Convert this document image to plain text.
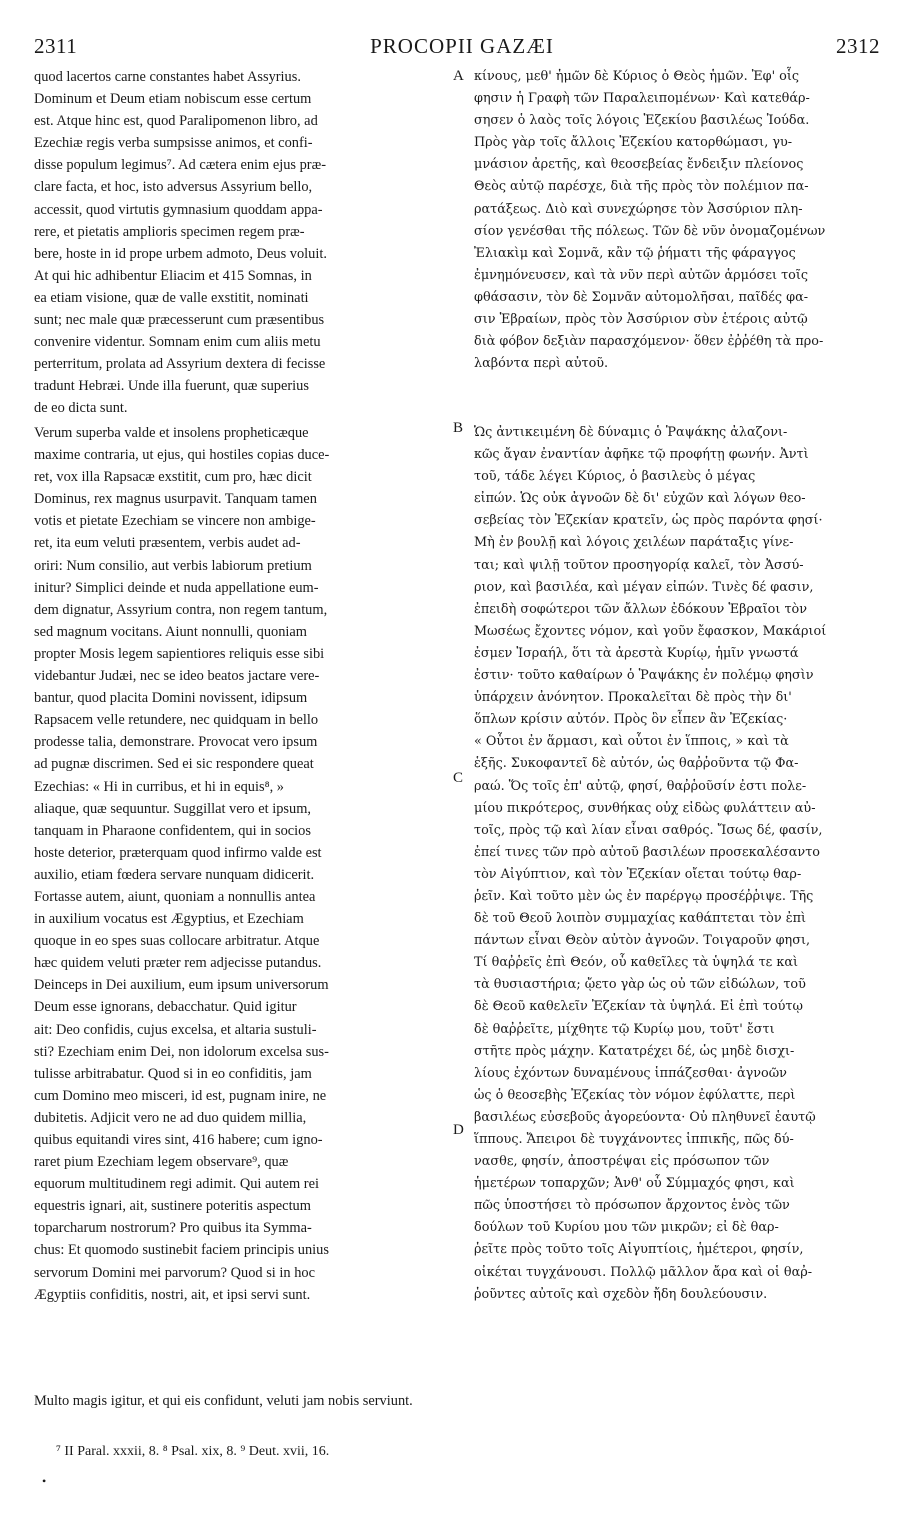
2311	PROCOPII GAZÆI	2312
quod lacertos carne constantes habet Assyrius.
Dominum et Deum etiam nobiscum esse certum
est. Atque hinc est, quod Paralipomenon libro, ad
Ezechiæ regis verba sumpsisse animos, et confi-
disse populum legimus⁷. Ad cætera enim ejus præ-
clare facta, et hoc, isto adversus Assyrium bello,
accessit, quod virtutis gymnasium quoddam appa-
rere, et pietatis amplioris specimen regem præ-
bere, hoste in id prope urbem admoto, Deus voluit.
At qui hic adhibentur Eliacim et 415 Somnas, in
ea etiam visione, quæ de valle exstitit, nominati
sunt; nec male quæ præcesserunt cum præsentibus
convenire videntur. Somnam enim cum aliis metu
perterritum, prolata ad Assyrium dextera di fecisse
tradunt Hebræi. Unde illa fuerunt, quæ superius
de eo dicta sunt.
Verum superba valde et insolens propheticæque
maxime contraria, ut ejus, qui hostiles copias duce-
ret, vox illa Rapsacæ exstitit, cum pro, hæc dicit
Dominus, rex magnus usurpavit. Tanquam tamen
votis et pietate Ezechiam se vincere non ambige-
ret, ita eum veluti præsentem, verbis audet ad-
oriri: Num consilio, aut verbis labiorum pretium
initur? Simplici deinde et nuda appellatione eum-
dem dignatur, Assyrium contra, non regem tantum,
sed magnum vocitans. Aiunt nonnulli, quoniam
propter Mosis legem sapientiores reliquis esse sibi
videbantur Judæi, nec se ideo beatos jactare vere-
bantur, quod placita Domini novissent, idipsum
Rapsacem velle retundere, nec quidquam in bello
prodesse talia, demonstrare. Provocat vero ipsum
ad pugnæ discrimen. Sed ei sic respondere queat
Ezechias: « Hi in curribus, et hi in equis⁸, »
aliaque, quæ sequuntur. Suggillat vero et ipsum,
tanquam in Pharaone confidentem, qui in socios
hoste deterior, præterquam quod infirmo valde est
auxilio, etiam fœdera servare nunquam didicerit.
Fortasse autem, aiunt, quoniam a nonnullis antea
in auxilium vocatus est Ægyptius, et Ezechiam
quoque in eo spes suas collocare arbitratur. Atque
hæc quidem veluti præter rem adjecisse putandus.
Deinceps in Dei auxilium, eum ipsum universorum
Deum esse ignorans, debacchatur. Quid igitur
ait: Deo confidis, cujus excelsa, et altaria sustuli-
sti? Ezechiam enim Dei, non idolorum excelsa sus-
tulisse arbitrabatur. Quod si in eo confiditis, jam
cum Domino meo misceri, id est, pugnam inire, ne
dubitetis. Adjicit vero ne ad duo quidem millia,
quibus equitandi vires sint, 416 habere; cum igno-
raret pium Ezechiam legem observare⁹, quæ
equorum multitudinem regi adimit. Qui autem rei
equestris ignari, ait, sustinere poteritis aspectum
toparcharum nostrorum? Pro quibus ita Symma-
chus: Et quomodo sustinebit faciem principis unius
servorum Domini mei parvorum? Quod si in hoc
Ægyptiis confiditis, nostri, ait, et ipsi servi sunt.
κίνους, μεθ' ἡμῶν δὲ Κύριος ὁ Θεὸς ἡμῶν. Ἐφ' οἷς
φησιν ἡ Γραφὴ τῶν Παραλειπομένων· Καὶ κατεθάρ-
σησεν ὁ λαὸς τοῖς λόγοις Ἐζεκίου βασιλέως Ἰούδα.
Πρὸς γὰρ τοῖς ἄλλοις Ἐζεκίου κατορθώμασι, γυ-
μνάσιον ἀρετῆς, καὶ θεοσεβείας ἔνδειξιν πλείονος
Θεὸς αὐτῷ παρέσχε, διὰ τῆς πρὸς τὸν πολέμιον πα-
ρατάξεως. Διὸ καὶ συνεχώρησε τὸν Ἀσσύριον πλη-
σίον γενέσθαι τῆς πόλεως. Τῶν δὲ νῦν ὀνομαζομένων
Ἐλιακὶμ καὶ Σομνᾶ, κἂν τῷ ῥήματι τῆς φάραγγος
ἐμνημόνευσεν, καὶ τὰ νῦν περὶ αὐτῶν ἁρμόσει τοῖς
φθάσασιν, τὸν δὲ Σομνᾶν αὐτομολῆσαι, παῖδές φα-
σιν Ἑβραίων, πρὸς τὸν Ἀσσύριον σὺν ἑτέροις αὐτῷ
διὰ φόβον δεξιὰν παρασχόμενον· ὅθεν ἐῤῥέθη τὰ προ-
λαβόντα περὶ αὐτοῦ.
Ὡς ἀντικειμένη δὲ δύναμις ὁ Ῥαψάκης ἀλαζονι-
κῶς ἄγαν ἐναντίαν ἀφῆκε τῷ προφήτῃ φωνήν. Ἀντὶ
τοῦ, τάδε λέγει Κύριος, ὁ βασιλεὺς ὁ μέγας
εἰπών. Ὡς οὐκ ἀγνοῶν δὲ δι' εὐχῶν καὶ λόγων θεο-
σεβείας τὸν Ἐζεκίαν κρατεῖν, ὡς πρὸς παρόντα φησί·
Μὴ ἐν βουλῇ καὶ λόγοις χειλέων παράταξις γίνε-
ται; καὶ ψιλῇ τοῦτον προσηγορίᾳ καλεῖ, τὸν Ἀσσύ-
ριον, καὶ βασιλέα, καὶ μέγαν εἰπών. Τινὲς δέ φασιν,
ἐπειδὴ σοφώτεροι τῶν ἄλλων ἐδόκουν Ἑβραῖοι τὸν
Μωσέως ἔχοντες νόμον, καὶ γοῦν ἔφασκον, Μακάριοί
ἐσμεν Ἰσραήλ, ὅτι τὰ ἀρεστὰ Κυρίῳ, ἡμῖν γνωστά
ἐστιν· τοῦτο καθαίρων ὁ Ῥαψάκης ἐν πολέμῳ φησὶν
ὑπάρχειν ἀνόνητον. Προκαλεῖται δὲ πρὸς τὴν δι'
ὅπλων κρίσιν αὐτόν. Πρὸς ὃν εἶπεν ἂν Ἐζεκίας·
« Οὗτοι ἐν ἅρμασι, καὶ οὗτοι ἐν ἵπποις, » καὶ τὰ
ἑξῆς. Συκοφαντεῖ δὲ αὐτόν, ὡς θαῤῥοῦντα τῷ Φα-
ραώ. Ὅς τοῖς ἐπ' αὐτῷ, φησί, θαῤῥοῦσίν ἐστι πολε-
μίου πικρότερος, συνθήκας οὐχ εἰδὼς φυλάττειν αὐ-
τοῖς, πρὸς τῷ καὶ λίαν εἶναι σαθρός. Ἴσως δέ, φασίν,
ἐπεί τινες τῶν πρὸ αὐτοῦ βασιλέων προσεκαλέσαντο
τὸν Αἰγύπτιον, καὶ τὸν Ἐζεκίαν οἴεται τούτῳ θαρ-
ῥεῖν. Καὶ τοῦτο μὲν ὡς ἐν παρέργῳ προσέῤῥιψε. Τῆς
δὲ τοῦ Θεοῦ λοιπὸν συμμαχίας καθάπτεται τὸν ἐπὶ
πάντων εἶναι Θεὸν αὐτὸν ἀγνοῶν. Τοιγαροῦν φησι,
Τί θαῤῥεῖς ἐπὶ Θεόν, οὗ καθεῖλες τὰ ὑψηλά τε καὶ
τὰ θυσιαστήρια; ᾤετο γὰρ ὡς οὐ τῶν εἰδώλων, τοῦ
δὲ Θεοῦ καθελεῖν Ἐζεκίαν τὰ ὑψηλά. Εἰ ἐπὶ τούτῳ
δὲ θαῤῥεῖτε, μίχθητε τῷ Κυρίῳ μου, τοῦτ' ἔστι
στῆτε πρὸς μάχην. Κατατρέχει δέ, ὡς μηδὲ δισχι-
λίους ἐχόντων δυναμένους ἱππάζεσθαι· ἀγνοῶν
ὡς ὁ θεοσεβὴς Ἐζεκίας τὸν νόμον ἐφύλαττε, περὶ
βασιλέως εὐσεβοῦς ἀγορεύοντα· Οὐ πληθυνεῖ ἑαυτῷ
ἵππους. Ἄπειροι δὲ τυγχάνοντες ἱππικῆς, πῶς δύ-
νασθε, φησίν, ἀποστρέψαι εἰς πρόσωπον τῶν
ἡμετέρων τοπαρχῶν; Ἀνθ' οὗ Σύμμαχός φησι, καὶ
πῶς ὑποστήσει τὸ πρόσωπον ἄρχοντος ἑνὸς τῶν
δούλων τοῦ Κυρίου μου τῶν μικρῶν; εἰ δὲ θαρ-
ῥεῖτε πρὸς τοῦτο τοῖς Αἰγυπτίοις, ἡμέτεροι, φησίν,
οἰκέται τυγχάνουσι. Πολλῷ μᾶλλον ἄρα καὶ οἱ θαῤ-
ῥοῦντες αὐτοῖς καὶ σχεδὸν ἤδη δουλεύουσιν.
Multo magis igitur, et qui eis confidunt, veluti jam nobis serviunt.
A
B
C
D
⁷ II Paral. xxxii, 8. ⁸ Psal. xix, 8. ⁹ Deut. xvii, 16.
•
